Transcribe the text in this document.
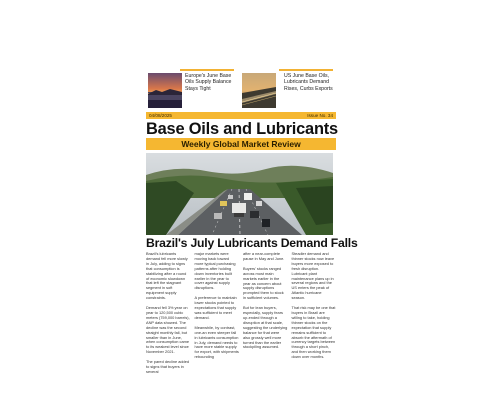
Europe's June Base Oils Supply Balance Stays Tight
US June Base Oils, Lubricants Demand Rises, Curbs Exports
04/08/2025	Issue No. 34
Base Oils and Lubricants
Weekly Global Market Review
Brazil's July Lubricants Demand Falls

Brazil's lubricants demand fell more slowly in July, adding to signs that consumption is stabilizing after a round of economic slowdown that left the stagnant segment in soft equipment supply constraints.

Demand fell 3% year on year to 120,500 cubic meters (759,000 barrels), ANP data showed. The decline was the second straight monthly fall, but smaller than in June, when consumption came to its weakest level since November 2021.

The pared decline added to signs that buyers in several

major markets were moving back toward more typical purchasing patterns after holding down inventories built earlier in the year to cover against supply disruptions.

A preference to maintain lower stocks pointed to expectations that supply was sufficient to meet demand.

Meanwhile, by contrast, one-an even steeper fall in lubricants consumption in July, demand needs to have more stable supply for export, with shipments rebounding

after a near-complete pause in May and June.

Buyers' stocks ranged across most main markets earlier in the year as concern about supply disruptions prompted them to stock in sufficient volumes.

But for lean buyers, especially, supply fears up-ended through a disruption at that scale, suggesting the underlying balance for that were also grossly well more turned than the earlier stockpiling assumed.

Steadier demand and thinner stocks now leave buyers more exposed to fresh disruption. Lubricant plant maintenance plans up in several regions and the US enters the peak of Atlantic hurricane season.

That risk may be one that buyers in Brazil are willing to take, holding thinner stocks on the expectation that supply remains sufficient to absorb the aftermath of currency targets between through a short pinch, and then working them down over months.
